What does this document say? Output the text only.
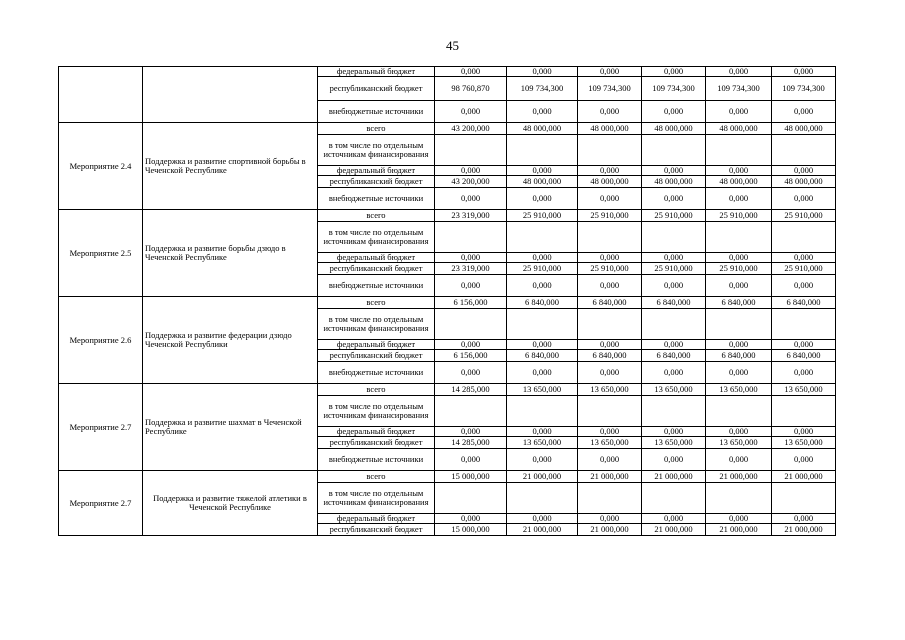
45
		федеральный бюджет	0,000	0,000	0,000	0,000	0,000	0,000
		республиканский бюджет	98 760,870	109 734,300	109 734,300	109 734,300	109 734,300	109 734,300
		внебюджетные источники	0,000	0,000	0,000	0,000	0,000	0,000
Мероприятие 2.4	Поддержка и развитие спортивной борьбы в Чеченской Республике	всего	43 200,000	48 000,000	48 000,000	48 000,000	48 000,000	48 000,000
		в том числе по отдельным источникам финансирования						
		федеральный бюджет	0,000	0,000	0,000	0,000	0,000	0,000
		республиканский бюджет	43 200,000	48 000,000	48 000,000	48 000,000	48 000,000	48 000,000
		внебюджетные источники	0,000	0,000	0,000	0,000	0,000	0,000
Мероприятие 2.5	Поддержка и развитие борьбы дзюдо в Чеченской Республике	всего	23 319,000	25 910,000	25 910,000	25 910,000	25 910,000	25 910,000
		в том числе по отдельным источникам финансирования						
		федеральный бюджет	0,000	0,000	0,000	0,000	0,000	0,000
		республиканский бюджет	23 319,000	25 910,000	25 910,000	25 910,000	25 910,000	25 910,000
		внебюджетные источники	0,000	0,000	0,000	0,000	0,000	0,000
Мероприятие 2.6	Поддержка и развитие федерации дзюдо Чеченской Республики	всего	6 156,000	6 840,000	6 840,000	6 840,000	6 840,000	6 840,000
		в том числе по отдельным источникам финансирования						
		федеральный бюджет	0,000	0,000	0,000	0,000	0,000	0,000
		республиканский бюджет	6 156,000	6 840,000	6 840,000	6 840,000	6 840,000	6 840,000
		внебюджетные источники	0,000	0,000	0,000	0,000	0,000	0,000
Мероприятие 2.7	Поддержка и развитие шахмат в Чеченской Республике	всего	14 285,000	13 650,000	13 650,000	13 650,000	13 650,000	13 650,000
		в том числе по отдельным источникам финансирования						
		федеральный бюджет	0,000	0,000	0,000	0,000	0,000	0,000
		республиканский бюджет	14 285,000	13 650,000	13 650,000	13 650,000	13 650,000	13 650,000
		внебюджетные источники	0,000	0,000	0,000	0,000	0,000	0,000
Мероприятие 2.7	Поддержка и развитие тяжелой атлетики в Чеченской Республике	всего	15 000,000	21 000,000	21 000,000	21 000,000	21 000,000	21 000,000
		в том числе по отдельным источникам финансирования						
		федеральный бюджет	0,000	0,000	0,000	0,000	0,000	0,000
		республиканский бюджет	15 000,000	21 000,000	21 000,000	21 000,000	21 000,000	21 000,000
